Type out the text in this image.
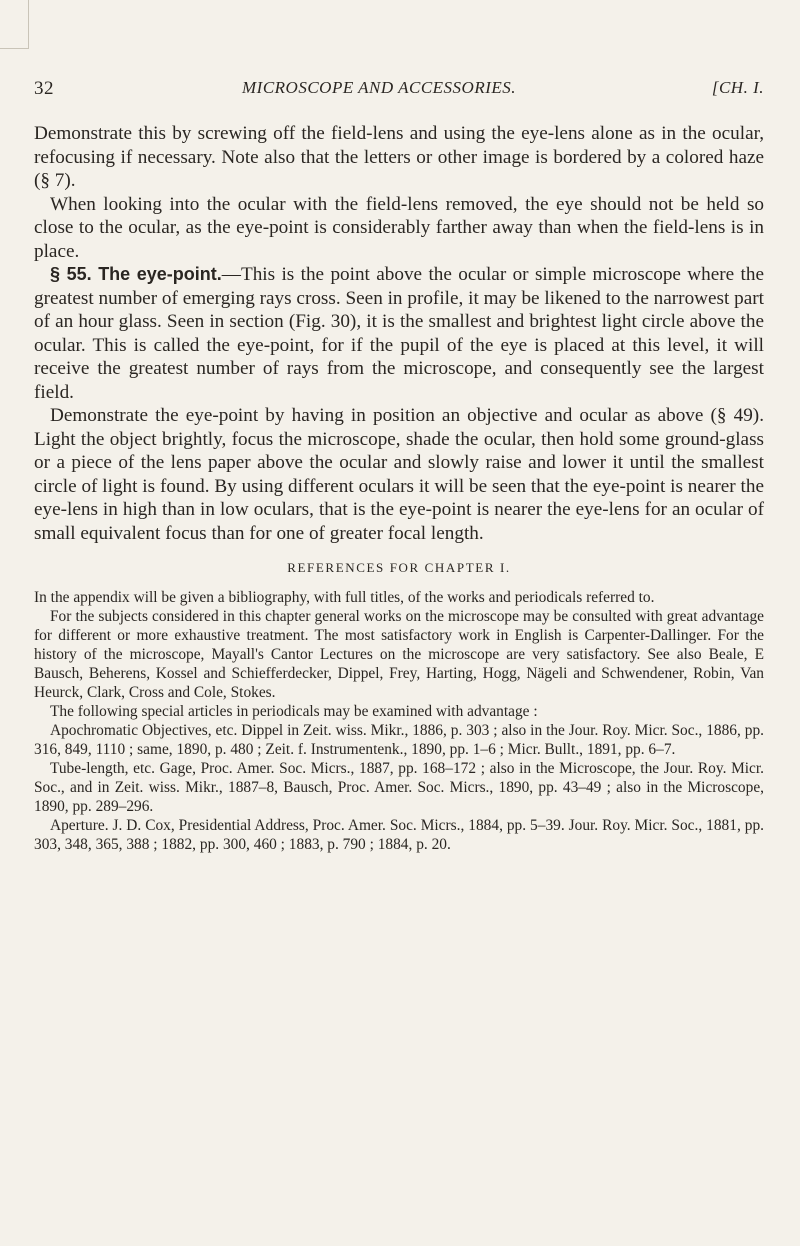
32	MICROSCOPE AND ACCESSORIES.	[CH. I.

Demonstrate this by screwing off the field-lens and using the eye-lens alone as in the ocular, refocusing if necessary. Note also that the letters or other image is bordered by a colored haze (§ 7).

When looking into the ocular with the field-lens removed, the eye should not be held so close to the ocular, as the eye-point is considerably farther away than when the field-lens is in place.

§ 55. The eye-point.—This is the point above the ocular or simple microscope where the greatest number of emerging rays cross. Seen in profile, it may be likened to the narrowest part of an hour glass. Seen in section (Fig. 30), it is the smallest and brightest light circle above the ocular. This is called the eye-point, for if the pupil of the eye is placed at this level, it will receive the greatest number of rays from the microscope, and consequently see the largest field.

Demonstrate the eye-point by having in position an objective and ocular as above (§ 49). Light the object brightly, focus the microscope, shade the ocular, then hold some ground-glass or a piece of the lens paper above the ocular and slowly raise and lower it until the smallest circle of light is found. By using different oculars it will be seen that the eye-point is nearer the eye-lens in high than in low oculars, that is the eye-point is nearer the eye-lens for an ocular of small equivalent focus than for one of greater focal length.

REFERENCES FOR CHAPTER I.

In the appendix will be given a bibliography, with full titles, of the works and periodicals referred to.

For the subjects considered in this chapter general works on the microscope may be consulted with great advantage for different or more exhaustive treatment. The most satisfactory work in English is Carpenter-Dallinger. For the history of the microscope, Mayall's Cantor Lectures on the microscope are very satisfactory. See also Beale, E Bausch, Beherens, Kossel and Schiefferdecker, Dippel, Frey, Harting, Hogg, Nägeli and Schwendener, Robin, Van Heurck, Clark, Cross and Cole, Stokes.

The following special articles in periodicals may be examined with advantage :

Apochromatic Objectives, etc. Dippel in Zeit. wiss. Mikr., 1886, p. 303 ; also in the Jour. Roy. Micr. Soc., 1886, pp. 316, 849, 1110 ; same, 1890, p. 480 ; Zeit. f. Instrumentenk., 1890, pp. 1–6 ; Micr. Bullt., 1891, pp. 6–7.

Tube-length, etc. Gage, Proc. Amer. Soc. Micrs., 1887, pp. 168–172 ; also in the Microscope, the Jour. Roy. Micr. Soc., and in Zeit. wiss. Mikr., 1887–8, Bausch, Proc. Amer. Soc. Micrs., 1890, pp. 43–49 ; also in the Microscope, 1890, pp. 289–296.

Aperture. J. D. Cox, Presidential Address, Proc. Amer. Soc. Micrs., 1884, pp. 5–39. Jour. Roy. Micr. Soc., 1881, pp. 303, 348, 365, 388 ; 1882, pp. 300, 460 ; 1883, p. 790 ; 1884, p. 20.
